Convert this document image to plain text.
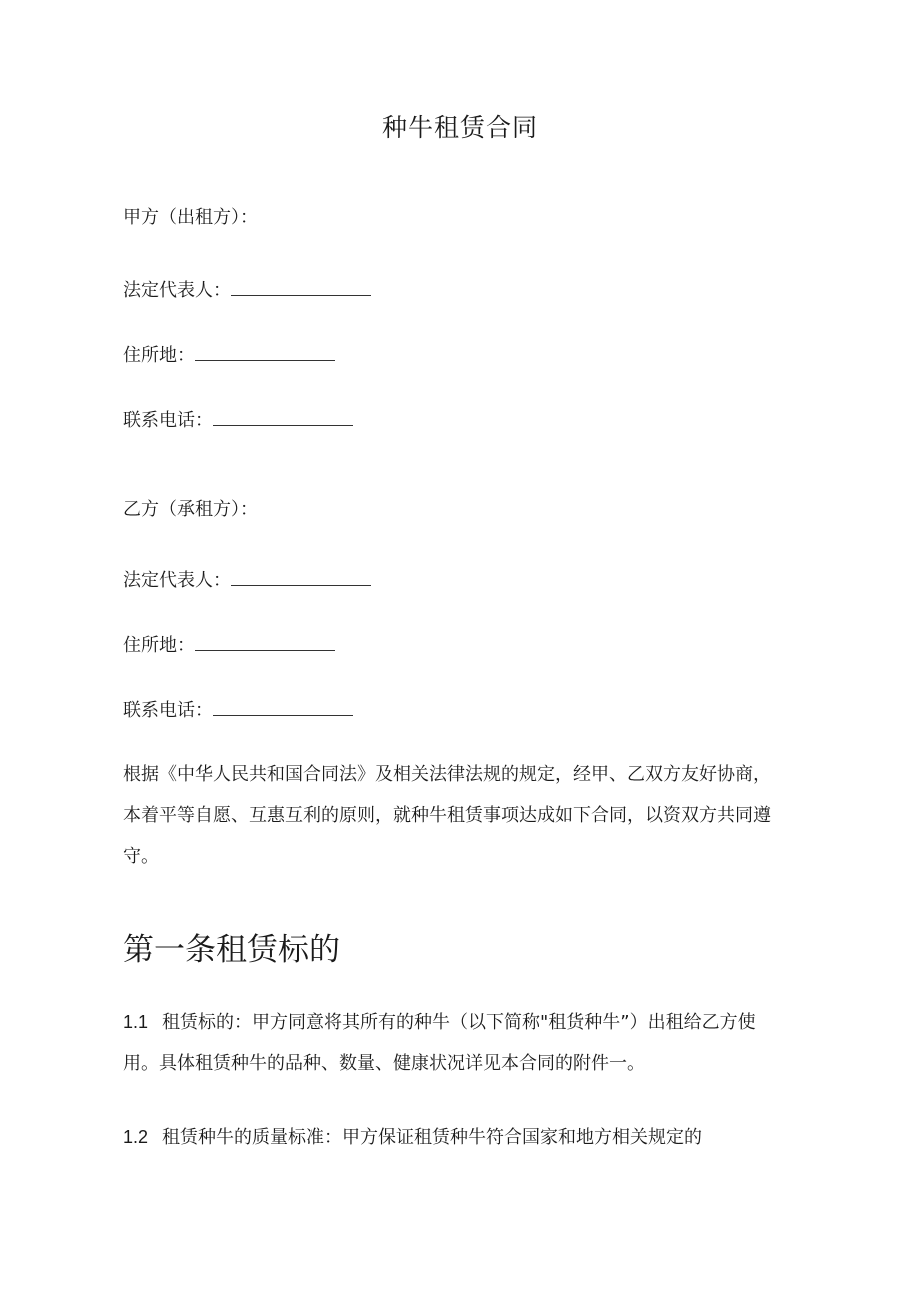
种牛租赁合同
甲方（出租方）：
法定代表人：
住所地：
联系电话：
乙方（承租方）：
法定代表人：
住所地：
联系电话：
根据《中华人民共和国合同法》及相关法律法规的规定，经甲、乙双方友好协商，本着平等自愿、互惠互利的原则，就种牛租赁事项达成如下合同，以资双方共同遵守。
第一条租赁标的
1.1 租赁标的：甲方同意将其所有的种牛（以下简称"租货种牛”）出租给乙方使用。具体租赁种牛的品种、数量、健康状况详见本合同的附件一。
1.2 租赁种牛的质量标准：甲方保证租赁种牛符合国家和地方相关规定的
